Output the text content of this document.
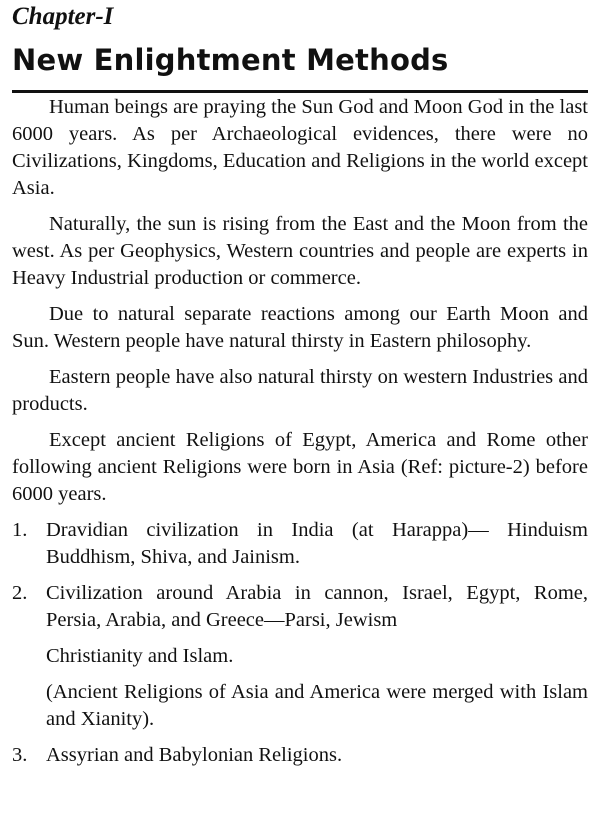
Chapter-I
New Enlightment Methods

Human beings are praying the Sun God and Moon God in the last 6000 years. As per Archaeological evidences, there were no Civilizations, Kingdoms, Education and Religions in the world except Asia.

Naturally, the sun is rising from the East and the Moon from the west. As per Geophysics, Western countries and people are experts in Heavy Industrial production or commerce.

Due to natural separate reactions among our Earth Moon and Sun. Western people have natural thirsty in Eastern philosophy.

Eastern people have also natural thirsty on western Industries and products.

Except ancient Religions of Egypt, America and Rome other following ancient Religions were born in Asia (Ref: picture-2) before 6000 years.

1. Dravidian civilization in India (at Harappa)— Hinduism Buddhism, Shiva, and Jainism.

2. Civilization around Arabia in cannon, Israel, Egypt, Rome, Persia, Arabia, and Greece—Parsi, Jewism

Christianity and Islam.

(Ancient Religions of Asia and America were merged with Islam and Xianity).

3. Assyrian and Babylonian Religions.
